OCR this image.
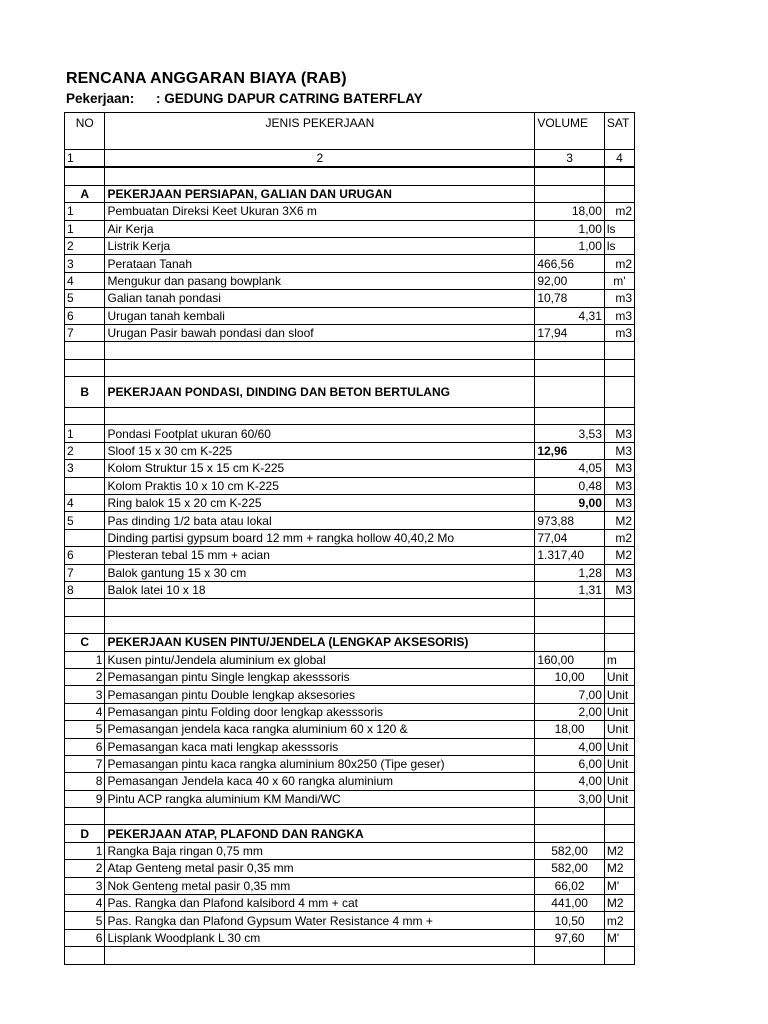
RENCANA ANGGARAN BIAYA (RAB)
Pekerjaan: : GEDUNG DAPUR CATRING BATERFLAY
NO	JENIS PEKERJAAN	VOLUME	SAT
1	2	3	4

A	PEKERJAAN PERSIAPAN, GALIAN DAN URUGAN		
1	Pembuatan Direksi Keet Ukuran 3X6 m	18,00	m2
1	Air Kerja	1,00	ls
2	Listrik Kerja	1,00	ls
3	Perataan Tanah	466,56	m2
4	Mengukur dan pasang bowplank	92,00	m'
5	Galian tanah pondasi	10,78	m3
6	Urugan tanah kembali	4,31	m3
7	Urugan Pasir bawah pondasi dan sloof	17,94	m3

B	PEKERJAAN PONDASI, DINDING DAN BETON BERTULANG		

1	Pondasi Footplat ukuran 60/60	3,53	M3
2	Sloof 15 x 30 cm K-225	12,96	M3
3	Kolom Struktur 15 x 15 cm K-225	4,05	M3
	Kolom Praktis 10 x 10 cm K-225	0,48	M3
4	Ring balok 15 x 20 cm K-225	9,00	M3
5	Pas dinding 1/2 bata atau lokal	973,88	M2
	Dinding partisi gypsum board 12 mm + rangka hollow 40,40,2 Mo	77,04	m2
6	Plesteran tebal 15 mm + acian	1.317,40	M2
7	Balok gantung 15 x 30 cm	1,28	M3
8	Balok latei 10 x 18	1,31	M3

C	PEKERJAAN KUSEN PINTU/JENDELA (LENGKAP AKSESORIS)		
1	Kusen pintu/Jendela aluminium ex global	160,00	m
2	Pemasangan pintu Single lengkap akesssoris	10,00	Unit
3	Pemasangan pintu Double lengkap aksesories	7,00	Unit
4	Pemasangan pintu Folding door lengkap akesssoris	2,00	Unit
5	Pemasangan jendela kaca rangka aluminium 60 x 120 &	18,00	Unit
6	Pemasangan kaca mati lengkap akesssoris	4,00	Unit
7	Pemasangan pintu kaca rangka aluminium 80x250 (Tipe geser)	6,00	Unit
8	Pemasangan Jendela kaca 40 x 60 rangka aluminium	4,00	Unit
9	Pintu ACP rangka aluminium KM Mandi/WC	3,00	Unit

D	PEKERJAAN ATAP, PLAFOND DAN RANGKA		
1	Rangka Baja ringan 0,75 mm	582,00	M2
2	Atap Genteng metal pasir 0,35 mm	582,00	M2
3	Nok Genteng metal pasir 0,35 mm	66,02	M'
4	Pas. Rangka dan Plafond kalsibord 4 mm + cat	441,00	M2
5	Pas. Rangka dan Plafond Gypsum Water Resistance 4 mm +	10,50	m2
6	Lisplank Woodplank L 30 cm	97,60	M'
